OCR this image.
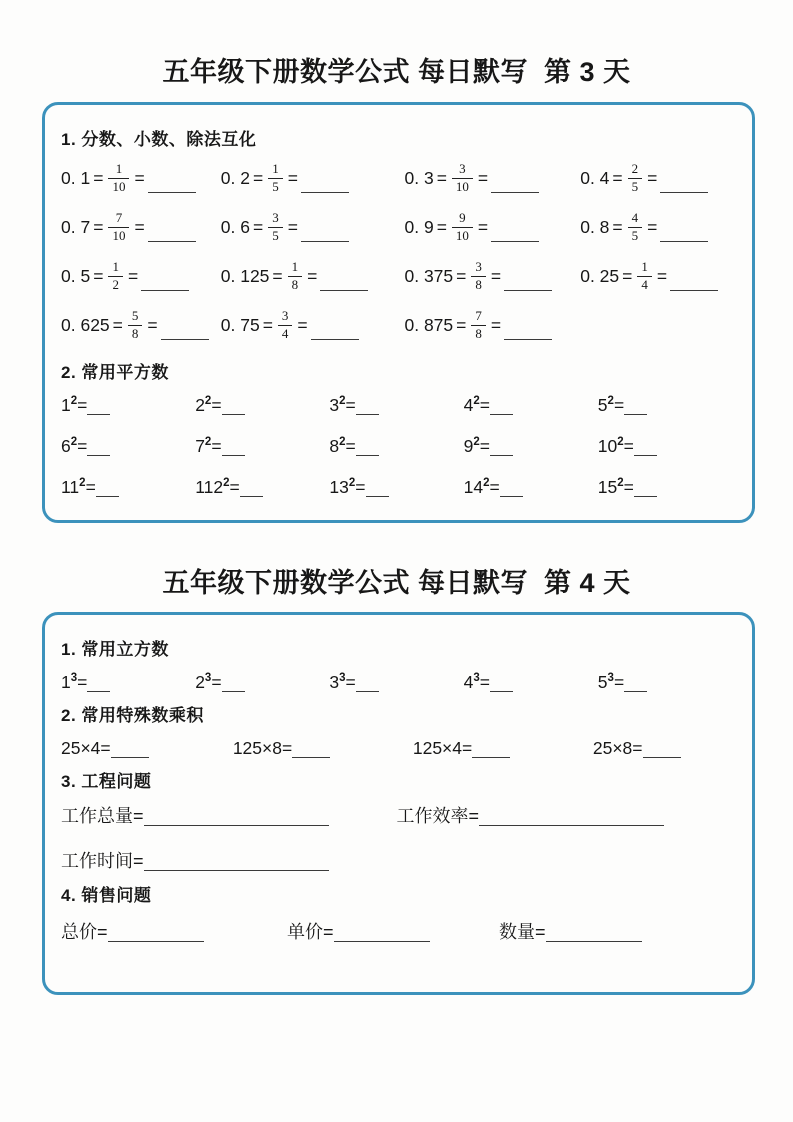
五年级下册数学公式 每日默写  第 3 天
1. 分数、小数、除法互化
0. $1 = \frac{1}{10}$ =	0. $2 = \frac{1}{5}$ =	0. $3 = \frac{3}{10}$ =	0. $4 = \frac{2}{5}$ =
0. $7 = \frac{7}{10}$ =	0. $6 = \frac{3}{5}$ =	0. $9 = \frac{9}{10}$ =	0. $8 = \frac{4}{5}$ =
0. $5 = \frac{1}{2}$ =	0. $125 = \frac{1}{8}$ =	0. $375 = \frac{3}{8}$ =	0. $25 = \frac{1}{4}$ =
0. $625 = \frac{5}{8}$ =	0. $75 = \frac{3}{4}$ =	0. $875 = \frac{7}{8}$ =
2. 常用平方数
$1^2=$	$2^2=$	$3^2=$	$4^2=$	$5^2=$
$6^2=$	$7^2=$	$8^2=$	$9^2=$	$10^2=$
$11^2=$	$112^2=$	$13^2=$	$14^2=$	$15^2=$
五年级下册数学公式 每日默写  第 4 天
1. 常用立方数
$1^3=$	$2^3=$	$3^3=$	$4^3=$	$5^3=$
2. 常用特殊数乘积
25×4=	125×8=	125×4=	25×8=
3. 工程问题
工作总量=	工作效率=
工作时间=
4. 销售问题
总价=	单价=	数量=
